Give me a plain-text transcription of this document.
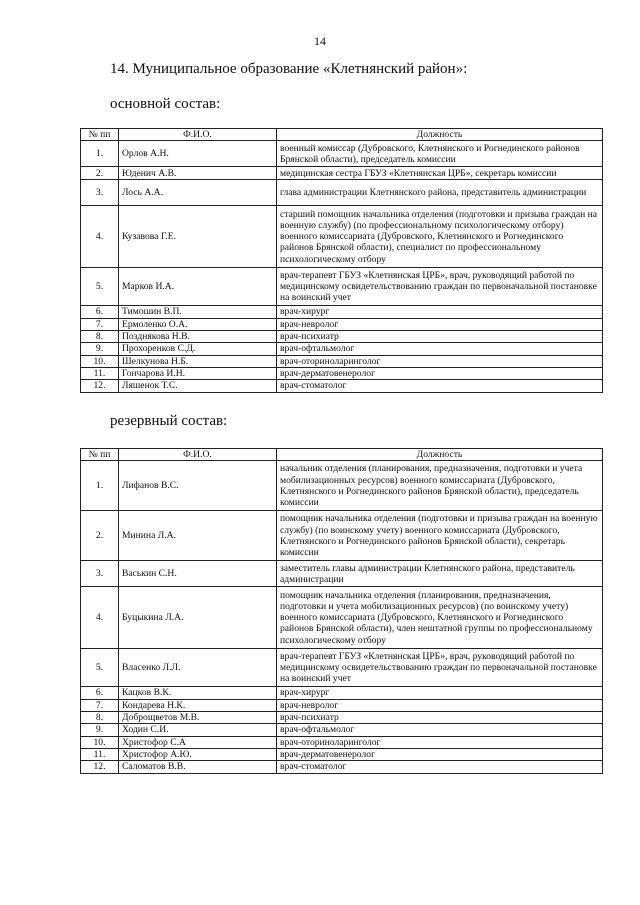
14
14. Муниципальное образование «Клетнянский район»:
основной состав:
№ пп	Ф.И.О.	Должность
1.	Орлов А.Н.	военный комиссар (Дубровского, Клетнянского и Рогнединского районов Брянской области), председатель комиссии
2.	Юденич А.В.	медицинская сестра ГБУЗ «Клетнянская ЦРБ», секретарь комиссии
3.	Лось А.А.	глава администрации Клетнянского района, представитель администрации
4.	Кузавова Г.Е.	старший помощник начальника отделения (подготовки и призыва граждан на военную службу) (по профессиональному психологическому отбору) военного комиссариата (Дубровского, Клетнянского и Рогнединского районов Брянской области), специалист по профессиональному психологическому отбору
5.	Марков И.А.	врач-терапевт ГБУЗ «Клетнянская ЦРБ», врач, руководящий работой по медицинскому освидетельствованию граждан по первоначальной постановке на воинский учет
6.	Тимошин В.П.	врач-хирург
7.	Ермоленко О.А.	врач-невролог
8.	Позднякова Н.В.	врач-психиатр
9.	Прохоренков С.Д.	врач-офтальмолог
10.	Шелкунова Н.Б.	врач-оториноларинголог
11.	Гончарова И.Н.	врач-дерматовенеролог
12.	Ляшенок Т.С.	врач-стоматолог
резервный состав:
№ пп	Ф.И.О.	Должность
1.	Лифанов В.С.	начальник отделения (планирования, предназначения, подготовки и учета мобилизационных ресурсов) военного комиссариата (Дубровского, Клетнянского и Рогнединского районов Брянской области), председатель комиссии
2.	Минина Л.А.	помощник начальника отделения (подготовки и призыва граждан на военную службу) (по воинскому учету) военного комиссариата (Дубровского, Клетнянского и Рогнединского районов Брянской области), секретарь комиссии
3.	Васькин С.Н.	заместитель главы администрации Клетнянского района, представитель администрации
4.	Буцыкина Л.А.	помощник начальника отделения (планирования, предназначения, подготовки и учета мобилизационных ресурсов) (по воинскому учету) военного комиссариата (Дубровского, Клетнянского и Рогнединского районов Брянской области), член нештатной группы по профессиональному психологическому отбору
5.	Власенко Л.Л.	врач-терапевт ГБУЗ «Клетнянская ЦРБ», врач, руководящий работой по медицинскому освидетельствованию граждан по первоначальной постановке на воинский учет
6.	Кацков В.К.	врач-хирург
7.	Кондарева Н.К.	врач-невролог
8.	Доброщветов М.В.	врач-психиатр
9.	Ходин С.И.	врач-офтальмолог
10.	Христофор С.А	врач-оториноларинголог
11.	Христофор А.Ю.	врач-дерматовенеролог
12.	Саломатов В.В.	врач-стоматолог
